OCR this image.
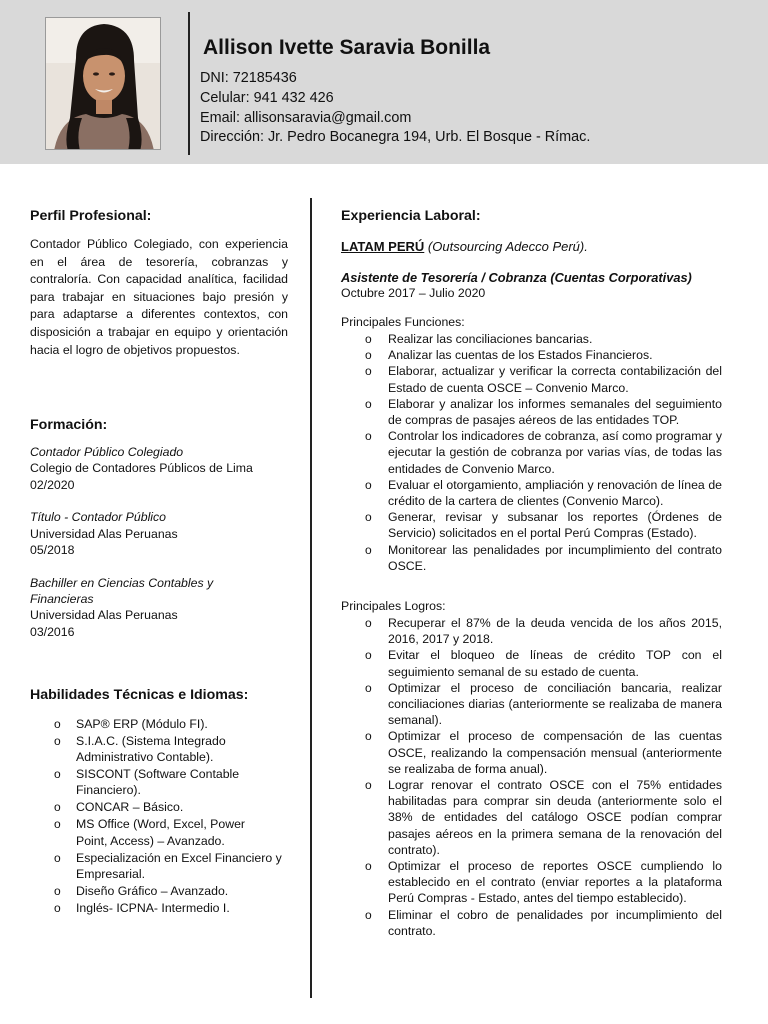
Allison Ivette Saravia Bonilla
DNI: 72185436
Celular: 941 432 426
Email: allisonsaravia@gmail.com
Dirección: Jr. Pedro Bocanegra 194, Urb. El Bosque - Rímac.
Perfil Profesional:
Contador Público Colegiado, con experiencia en el área de tesorería, cobranzas y contraloría. Con capacidad analítica, facilidad para trabajar en situaciones bajo presión y para adaptarse a diferentes contextos, con disposición a trabajar en equipo y orientación hacia el logro de objetivos propuestos.
Formación:
Contador Público Colegiado
Colegio de Contadores Públicos de Lima
02/2020
Título - Contador Público
Universidad Alas Peruanas
05/2018
Bachiller en Ciencias Contables y Financieras
Universidad Alas Peruanas
03/2016
Habilidades Técnicas e Idiomas:
o SAP® ERP (Módulo FI).
o S.I.A.C. (Sistema Integrado Administrativo Contable).
o SISCONT (Software Contable Financiero).
o CONCAR – Básico.
o MS Office (Word, Excel, Power Point, Access) – Avanzado.
o Especialización en Excel Financiero y Empresarial.
o Diseño Gráfico – Avanzado.
o Inglés- ICPNA- Intermedio I.
Experiencia Laboral:
LATAM PERÚ (Outsourcing Adecco Perú).
Asistente de Tesorería / Cobranza (Cuentas Corporativas)
Octubre 2017 – Julio 2020
Principales Funciones:
o Realizar las conciliaciones bancarias.
o Analizar las cuentas de los Estados Financieros.
o Elaborar, actualizar y verificar la correcta contabilización del Estado de cuenta OSCE – Convenio Marco.
o Elaborar y analizar los informes semanales del seguimiento de compras de pasajes aéreos de las entidades TOP.
o Controlar los indicadores de cobranza, así como programar y ejecutar la gestión de cobranza por varias vías, de todas las entidades de Convenio Marco.
o Evaluar el otorgamiento, ampliación y renovación de línea de crédito de la cartera de clientes (Convenio Marco).
o Generar, revisar y subsanar los reportes (Órdenes de Servicio) solicitados en el portal Perú Compras (Estado).
o Monitorear las penalidades por incumplimiento del contrato OSCE.
Principales Logros:
o Recuperar el 87% de la deuda vencida de los años 2015, 2016, 2017 y 2018.
o Evitar el bloqueo de líneas de crédito TOP con el seguimiento semanal de su estado de cuenta.
o Optimizar el proceso de conciliación bancaria, realizar conciliaciones diarias (anteriormente se realizaba de manera semanal).
o Optimizar el proceso de compensación de las cuentas OSCE, realizando la compensación mensual (anteriormente se realizaba de forma anual).
o Lograr renovar el contrato OSCE con el 75% entidades habilitadas para comprar sin deuda (anteriormente solo el 38% de entidades del catálogo OSCE podían comprar pasajes aéreos en la primera semana de la renovación del contrato).
o Optimizar el proceso de reportes OSCE cumpliendo lo establecido en el contrato (enviar reportes a la plataforma Perú Compras - Estado, antes del tiempo establecido).
o Eliminar el cobro de penalidades por incumplimiento del contrato.
